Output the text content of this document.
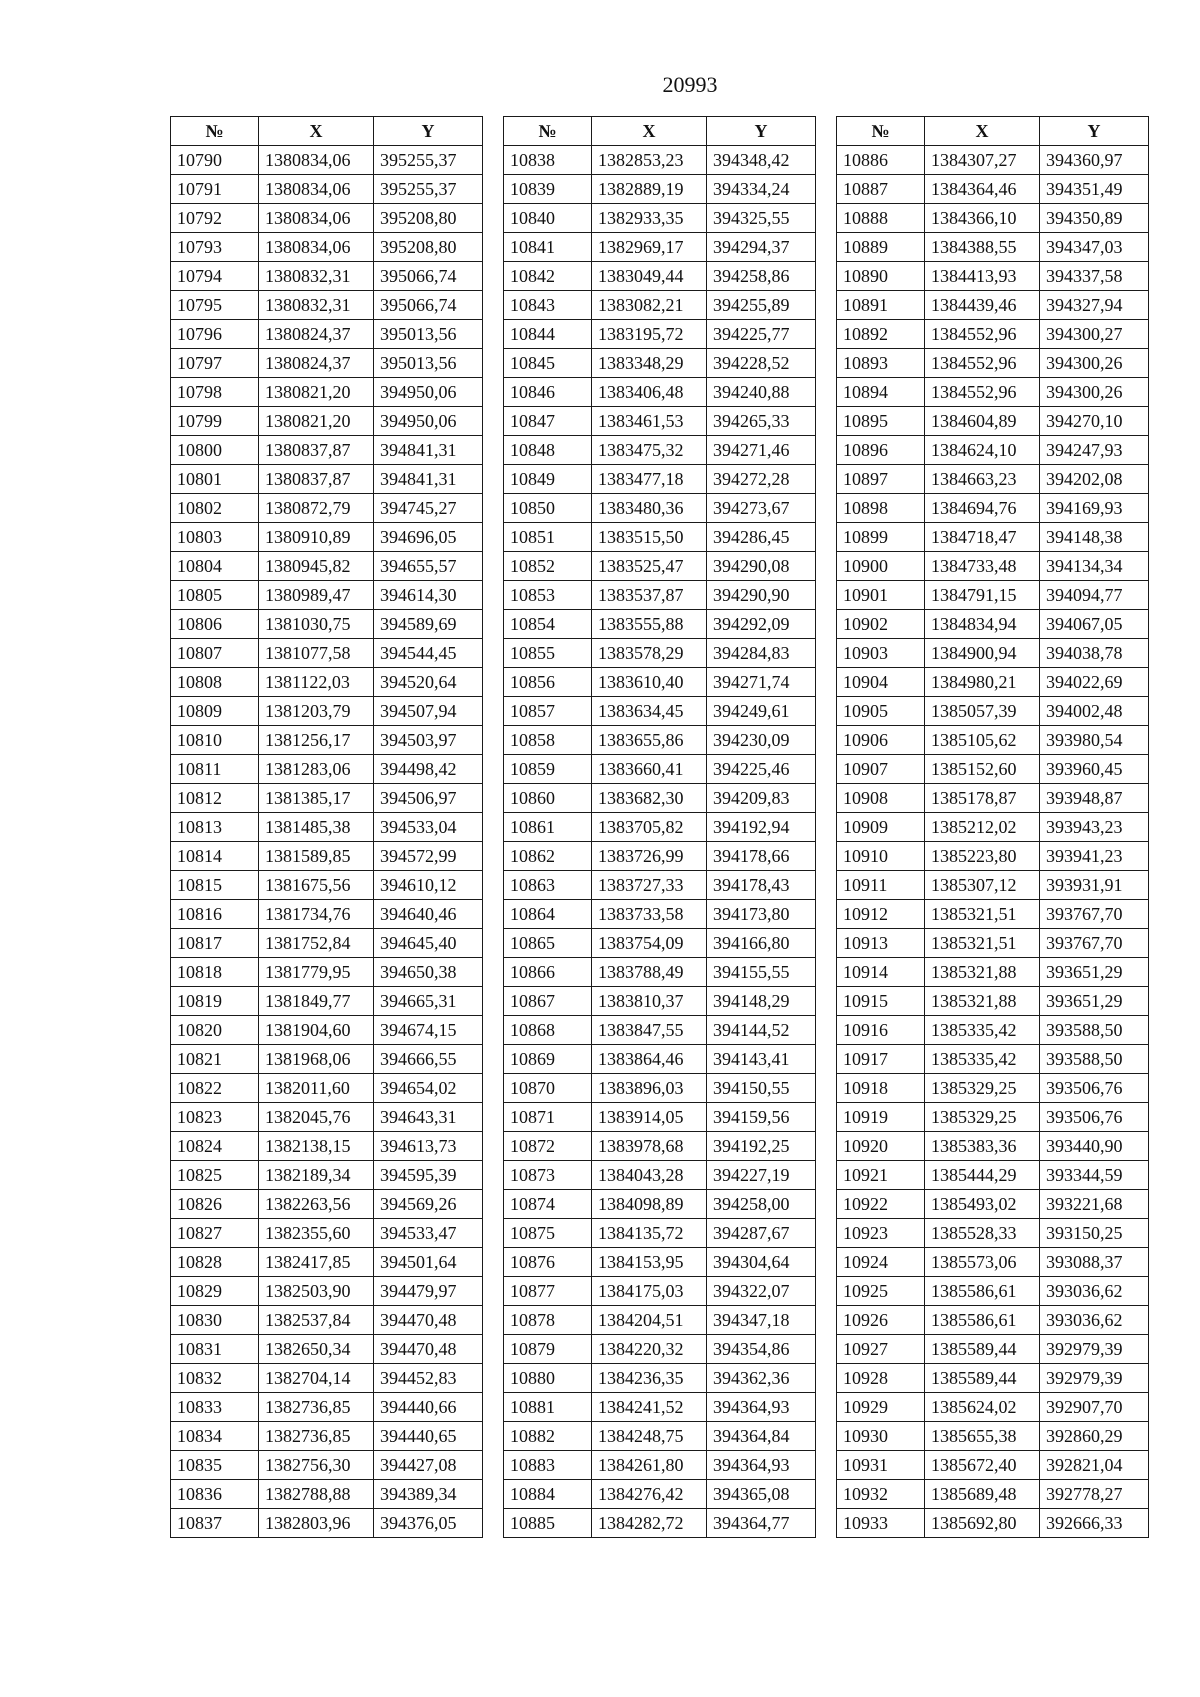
20993
№	X	Y
10790	1380834,06	395255,37
10791	1380834,06	395255,37
10792	1380834,06	395208,80
10793	1380834,06	395208,80
10794	1380832,31	395066,74
10795	1380832,31	395066,74
10796	1380824,37	395013,56
10797	1380824,37	395013,56
10798	1380821,20	394950,06
10799	1380821,20	394950,06
10800	1380837,87	394841,31
10801	1380837,87	394841,31
10802	1380872,79	394745,27
10803	1380910,89	394696,05
10804	1380945,82	394655,57
10805	1380989,47	394614,30
10806	1381030,75	394589,69
10807	1381077,58	394544,45
10808	1381122,03	394520,64
10809	1381203,79	394507,94
10810	1381256,17	394503,97
10811	1381283,06	394498,42
10812	1381385,17	394506,97
10813	1381485,38	394533,04
10814	1381589,85	394572,99
10815	1381675,56	394610,12
10816	1381734,76	394640,46
10817	1381752,84	394645,40
10818	1381779,95	394650,38
10819	1381849,77	394665,31
10820	1381904,60	394674,15
10821	1381968,06	394666,55
10822	1382011,60	394654,02
10823	1382045,76	394643,31
10824	1382138,15	394613,73
10825	1382189,34	394595,39
10826	1382263,56	394569,26
10827	1382355,60	394533,47
10828	1382417,85	394501,64
10829	1382503,90	394479,97
10830	1382537,84	394470,48
10831	1382650,34	394470,48
10832	1382704,14	394452,83
10833	1382736,85	394440,66
10834	1382736,85	394440,65
10835	1382756,30	394427,08
10836	1382788,88	394389,34
10837	1382803,96	394376,05
№	X	Y
10838	1382853,23	394348,42
10839	1382889,19	394334,24
10840	1382933,35	394325,55
10841	1382969,17	394294,37
10842	1383049,44	394258,86
10843	1383082,21	394255,89
10844	1383195,72	394225,77
10845	1383348,29	394228,52
10846	1383406,48	394240,88
10847	1383461,53	394265,33
10848	1383475,32	394271,46
10849	1383477,18	394272,28
10850	1383480,36	394273,67
10851	1383515,50	394286,45
10852	1383525,47	394290,08
10853	1383537,87	394290,90
10854	1383555,88	394292,09
10855	1383578,29	394284,83
10856	1383610,40	394271,74
10857	1383634,45	394249,61
10858	1383655,86	394230,09
10859	1383660,41	394225,46
10860	1383682,30	394209,83
10861	1383705,82	394192,94
10862	1383726,99	394178,66
10863	1383727,33	394178,43
10864	1383733,58	394173,80
10865	1383754,09	394166,80
10866	1383788,49	394155,55
10867	1383810,37	394148,29
10868	1383847,55	394144,52
10869	1383864,46	394143,41
10870	1383896,03	394150,55
10871	1383914,05	394159,56
10872	1383978,68	394192,25
10873	1384043,28	394227,19
10874	1384098,89	394258,00
10875	1384135,72	394287,67
10876	1384153,95	394304,64
10877	1384175,03	394322,07
10878	1384204,51	394347,18
10879	1384220,32	394354,86
10880	1384236,35	394362,36
10881	1384241,52	394364,93
10882	1384248,75	394364,84
10883	1384261,80	394364,93
10884	1384276,42	394365,08
10885	1384282,72	394364,77
№	X	Y
10886	1384307,27	394360,97
10887	1384364,46	394351,49
10888	1384366,10	394350,89
10889	1384388,55	394347,03
10890	1384413,93	394337,58
10891	1384439,46	394327,94
10892	1384552,96	394300,27
10893	1384552,96	394300,26
10894	1384552,96	394300,26
10895	1384604,89	394270,10
10896	1384624,10	394247,93
10897	1384663,23	394202,08
10898	1384694,76	394169,93
10899	1384718,47	394148,38
10900	1384733,48	394134,34
10901	1384791,15	394094,77
10902	1384834,94	394067,05
10903	1384900,94	394038,78
10904	1384980,21	394022,69
10905	1385057,39	394002,48
10906	1385105,62	393980,54
10907	1385152,60	393960,45
10908	1385178,87	393948,87
10909	1385212,02	393943,23
10910	1385223,80	393941,23
10911	1385307,12	393931,91
10912	1385321,51	393767,70
10913	1385321,51	393767,70
10914	1385321,88	393651,29
10915	1385321,88	393651,29
10916	1385335,42	393588,50
10917	1385335,42	393588,50
10918	1385329,25	393506,76
10919	1385329,25	393506,76
10920	1385383,36	393440,90
10921	1385444,29	393344,59
10922	1385493,02	393221,68
10923	1385528,33	393150,25
10924	1385573,06	393088,37
10925	1385586,61	393036,62
10926	1385586,61	393036,62
10927	1385589,44	392979,39
10928	1385589,44	392979,39
10929	1385624,02	392907,70
10930	1385655,38	392860,29
10931	1385672,40	392821,04
10932	1385689,48	392778,27
10933	1385692,80	392666,33
